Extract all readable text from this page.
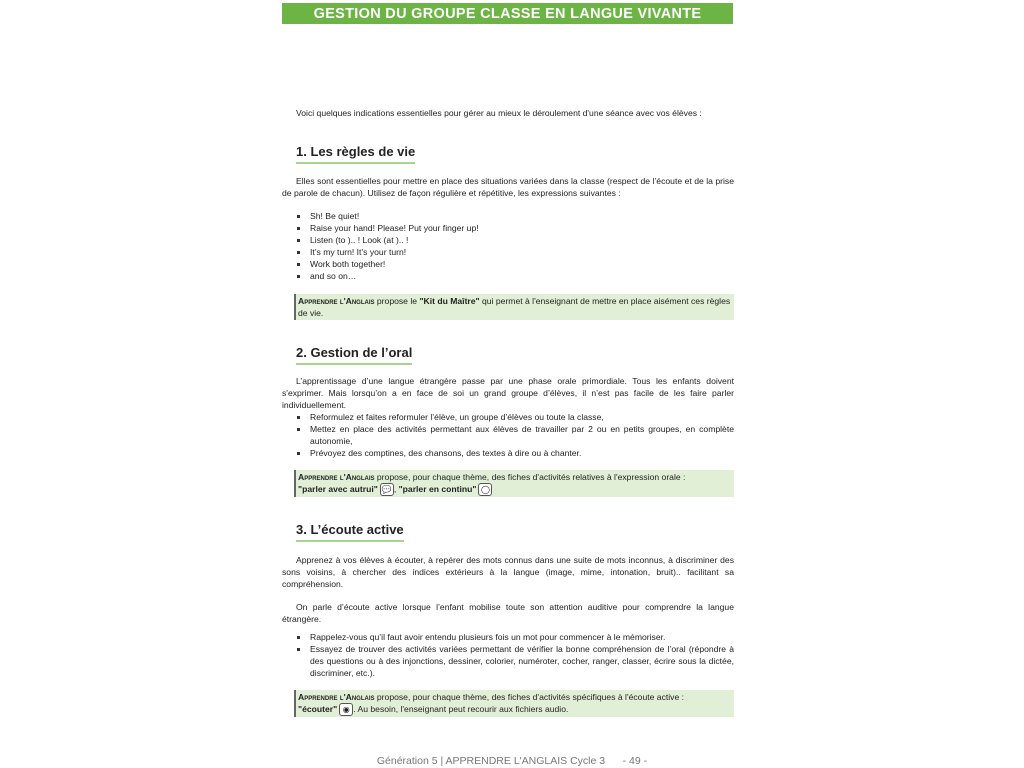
GESTION DU GROUPE CLASSE EN LANGUE VIVANTE

Voici quelques indications essentielles pour gérer au mieux le déroulement d'une séance avec vos élèves :

1. Les règles de vie

Elles sont essentielles pour mettre en place des situations variées dans la classe (respect de l’écoute et de la prise de parole de chacun). Utilisez de façon régulière et répétitive, les expressions suivantes :

Sh! Be quiet!
Raise your hand! Please! Put your finger up!
Listen (to ).. ! Look (at ).. !
It’s my turn! It’s your turn!
Work both together!
and so on…
Apprendre l'Anglais propose le "Kit du Maître" qui permet à l'enseignant de mettre en place aisément ces règles de vie.
2. Gestion de l’oral

L’apprentissage d’une langue étrangère passe par une phase orale primordiale. Tous les enfants doivent s'exprimer. Mais lorsqu’on a en face de soi un grand groupe d’élèves, il n’est pas facile de les faire parler individuellement.

Reformulez et faites reformuler l’élève, un groupe d’élèves ou toute la classe,
Mettez en place des activités permettant aux élèves de travailler par 2 ou en petits groupes, en complète autonomie,
Prévoyez des comptines, des chansons, des textes à dire ou à chanter.
Apprendre l'Anglais propose, pour chaque thème, des fiches d'activités relatives à l'expression orale :
"parler avec autrui" 💬 , "parler en continu" ◯
3. L’écoute active

Apprenez à vos élèves à écouter, à repérer des mots connus dans une suite de mots inconnus, à discriminer des sons voisins, à chercher des indices extérieurs à la langue (image, mime, intonation, bruit).. facilitant sa compréhension.

On parle d’écoute active lorsque l’enfant mobilise toute son attention auditive pour comprendre la langue étrangère.

Rappelez-vous qu’il faut avoir entendu plusieurs fois un mot pour commencer à le mémoriser.
Essayez de trouver des activités variées permettant de vérifier la bonne compréhension de l’oral (répondre à des questions ou à des injonctions, dessiner, colorier, numéroter, cocher, ranger, classer, écrire sous la dictée, discriminer, etc.).
Apprendre l'Anglais propose, pour chaque thème, des fiches d'activités spécifiques à l'écoute active :
"écouter" ◉ . Au besoin, l'enseignant peut recourir aux fichiers audio.
Génération 5 | APPRENDRE L'ANGLAIS Cycle 3 - 49 -
